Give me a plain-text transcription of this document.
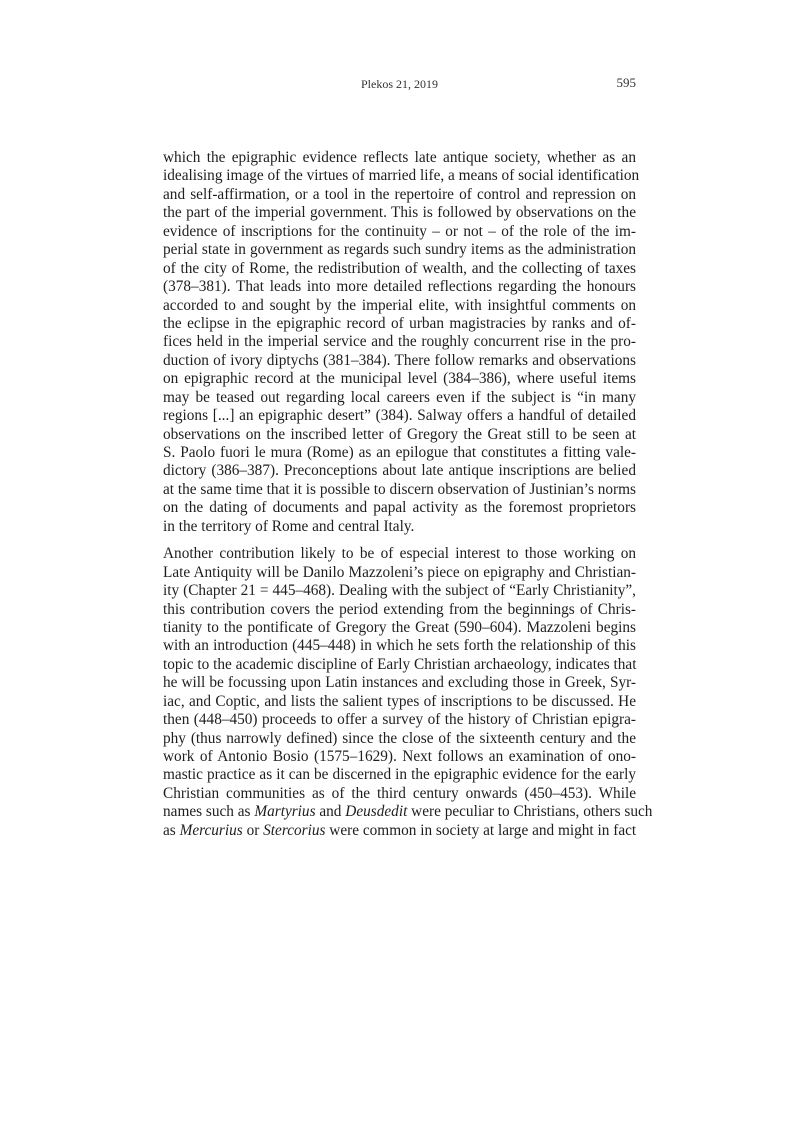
Plekos 21, 2019	595

which the epigraphic evidence reflects late antique society, whether as an
idealising image of the virtues of married life, a means of social identification
and self-affirmation, or a tool in the repertoire of control and repression on
the part of the imperial government. This is followed by observations on the
evidence of inscriptions for the continuity – or not – of the role of the im-
perial state in government as regards such sundry items as the administration
of the city of Rome, the redistribution of wealth, and the collecting of taxes
(378–381). That leads into more detailed reflections regarding the honours
accorded to and sought by the imperial elite, with insightful comments on
the eclipse in the epigraphic record of urban magistracies by ranks and of-
fices held in the imperial service and the roughly concurrent rise in the pro-
duction of ivory diptychs (381–384). There follow remarks and observations
on epigraphic record at the municipal level (384–386), where useful items
may be teased out regarding local careers even if the subject is “in many
regions [...] an epigraphic desert” (384). Salway offers a handful of detailed
observations on the inscribed letter of Gregory the Great still to be seen at
S. Paolo fuori le mura (Rome) as an epilogue that constitutes a fitting vale-
dictory (386–387). Preconceptions about late antique inscriptions are belied
at the same time that it is possible to discern observation of Justinian’s norms
on the dating of documents and papal activity as the foremost proprietors
in the territory of Rome and central Italy.

Another contribution likely to be of especial interest to those working on
Late Antiquity will be Danilo Mazzoleni’s piece on epigraphy and Christian-
ity (Chapter 21 = 445–468). Dealing with the subject of “Early Christianity”,
this contribution covers the period extending from the beginnings of Chris-
tianity to the pontificate of Gregory the Great (590–604). Mazzoleni begins
with an introduction (445–448) in which he sets forth the relationship of this
topic to the academic discipline of Early Christian archaeology, indicates that
he will be focussing upon Latin instances and excluding those in Greek, Syr-
iac, and Coptic, and lists the salient types of inscriptions to be discussed. He
then (448–450) proceeds to offer a survey of the history of Christian epigra-
phy (thus narrowly defined) since the close of the sixteenth century and the
work of Antonio Bosio (1575–1629). Next follows an examination of ono-
mastic practice as it can be discerned in the epigraphic evidence for the early
Christian communities as of the third century onwards (450–453). While
names such as Martyrius and Deusdedit were peculiar to Christians, others such
as Mercurius or Stercorius were common in society at large and might in fact
